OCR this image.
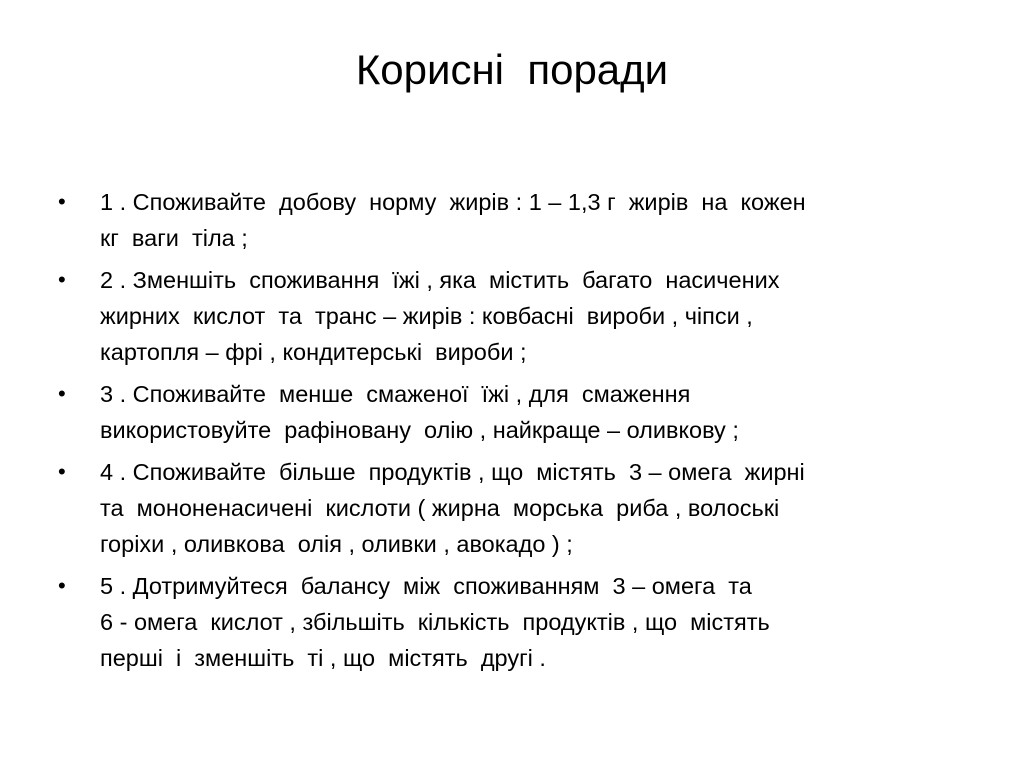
Корисні  поради
•	1 . Споживайте  добову  норму  жирів : 1 – 1,3 г  жирів  на  кожен
кг  ваги  тіла ;
•	2 . Зменшіть  споживання  їжі , яка  містить  багато  насичених
жирних  кислот  та  транс – жирів : ковбасні  вироби , чіпси ,
картопля – фрі , кондитерські  вироби ;
•	3 . Споживайте  менше  смаженої  їжі , для  смаження
використовуйте  рафіновану  олію , найкраще – оливкову ;
•	4 . Споживайте  більше  продуктів , що  містять  3 – омега  жирні
та  мононенасичені  кислоти ( жирна  морська  риба , волоські
горіхи , оливкова  олія , оливки , авокадо ) ;
•	5 . Дотримуйтеся  балансу  між  споживанням  3 – омега  та
6 - омега  кислот , збільшіть  кількість  продуктів , що  містять
перші  і  зменшіть  ті , що  містять  другі .
